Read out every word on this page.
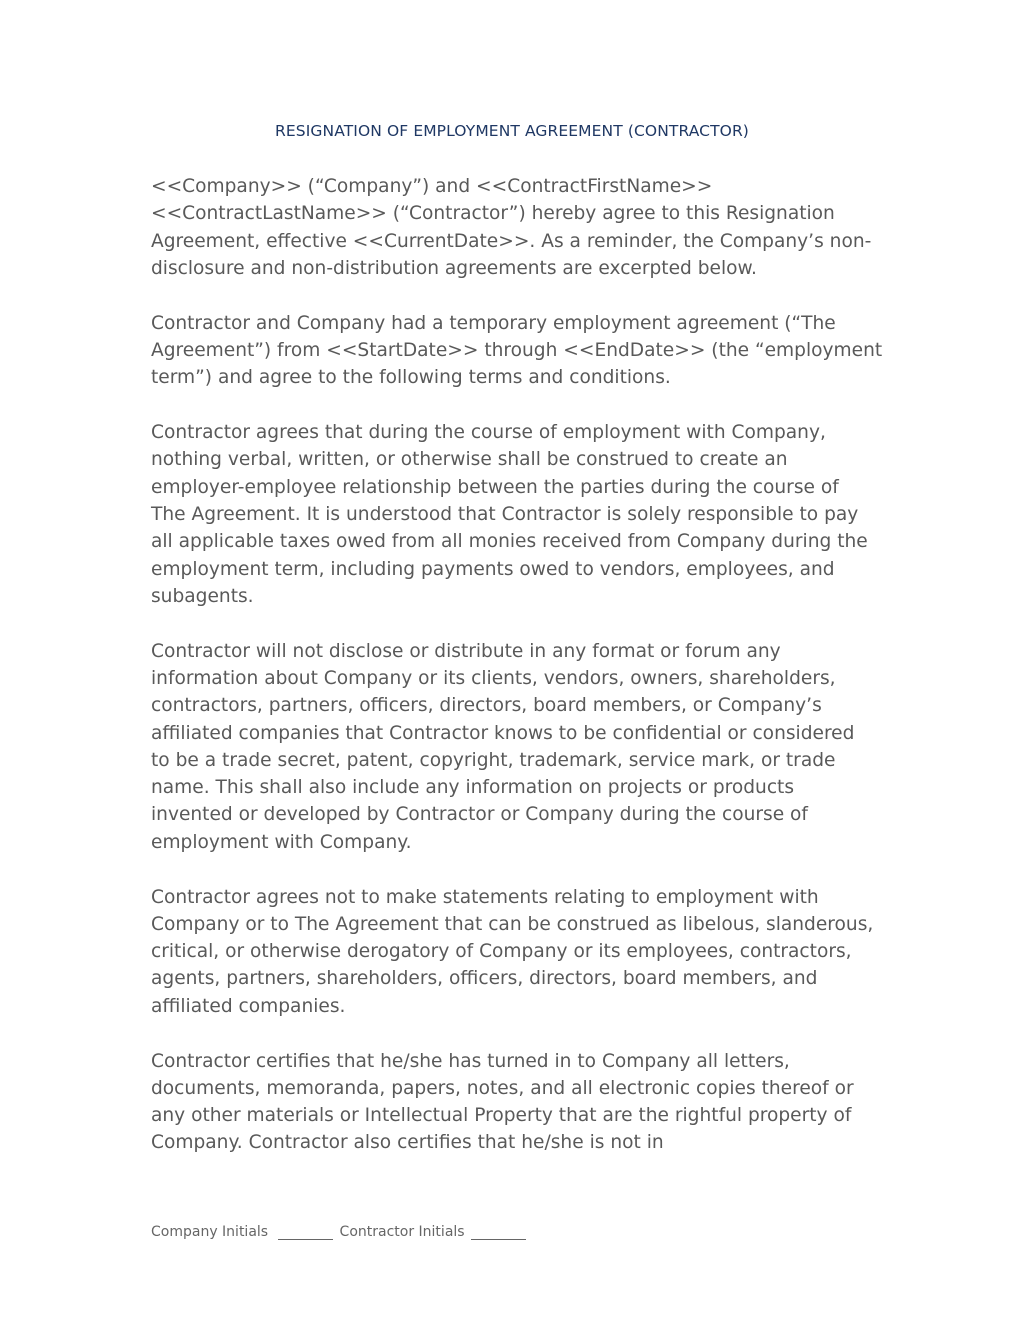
RESIGNATION OF EMPLOYMENT AGREEMENT (CONTRACTOR)

<<Company>> (“Company”) and <<ContractFirstName>>
<<ContractLastName>> (“Contractor”) hereby agree to this Resignation
Agreement, effective <<CurrentDate>>. As a reminder, the Company’s non-
disclosure and non-distribution agreements are excerpted below.

Contractor and Company had a temporary employment agreement (“The
Agreement”) from <<StartDate>> through <<EndDate>> (the “employment
term”) and agree to the following terms and conditions.

Contractor agrees that during the course of employment with Company,
nothing verbal, written, or otherwise shall be construed to create an
employer-employee relationship between the parties during the course of
The Agreement. It is understood that Contractor is solely responsible to pay
all applicable taxes owed from all monies received from Company during the
employment term, including payments owed to vendors, employees, and
subagents.

Contractor will not disclose or distribute in any format or forum any
information about Company or its clients, vendors, owners, shareholders,
contractors, partners, officers, directors, board members, or Company’s
affiliated companies that Contractor knows to be confidential or considered
to be a trade secret, patent, copyright, trademark, service mark, or trade
name. This shall also include any information on projects or products
invented or developed by Contractor or Company during the course of
employment with Company.

Contractor agrees not to make statements relating to employment with
Company or to The Agreement that can be construed as libelous, slanderous,
critical, or otherwise derogatory of Company or its employees, contractors,
agents, partners, shareholders, officers, directors, board members, and
affiliated companies.

Contractor certifies that he/she has turned in to Company all letters,
documents, memoranda, papers, notes, and all electronic copies thereof or
any other materials or Intellectual Property that are the rightful property of
Company. Contractor also certifies that he/she is not in

Company Initials	Contractor Initials
